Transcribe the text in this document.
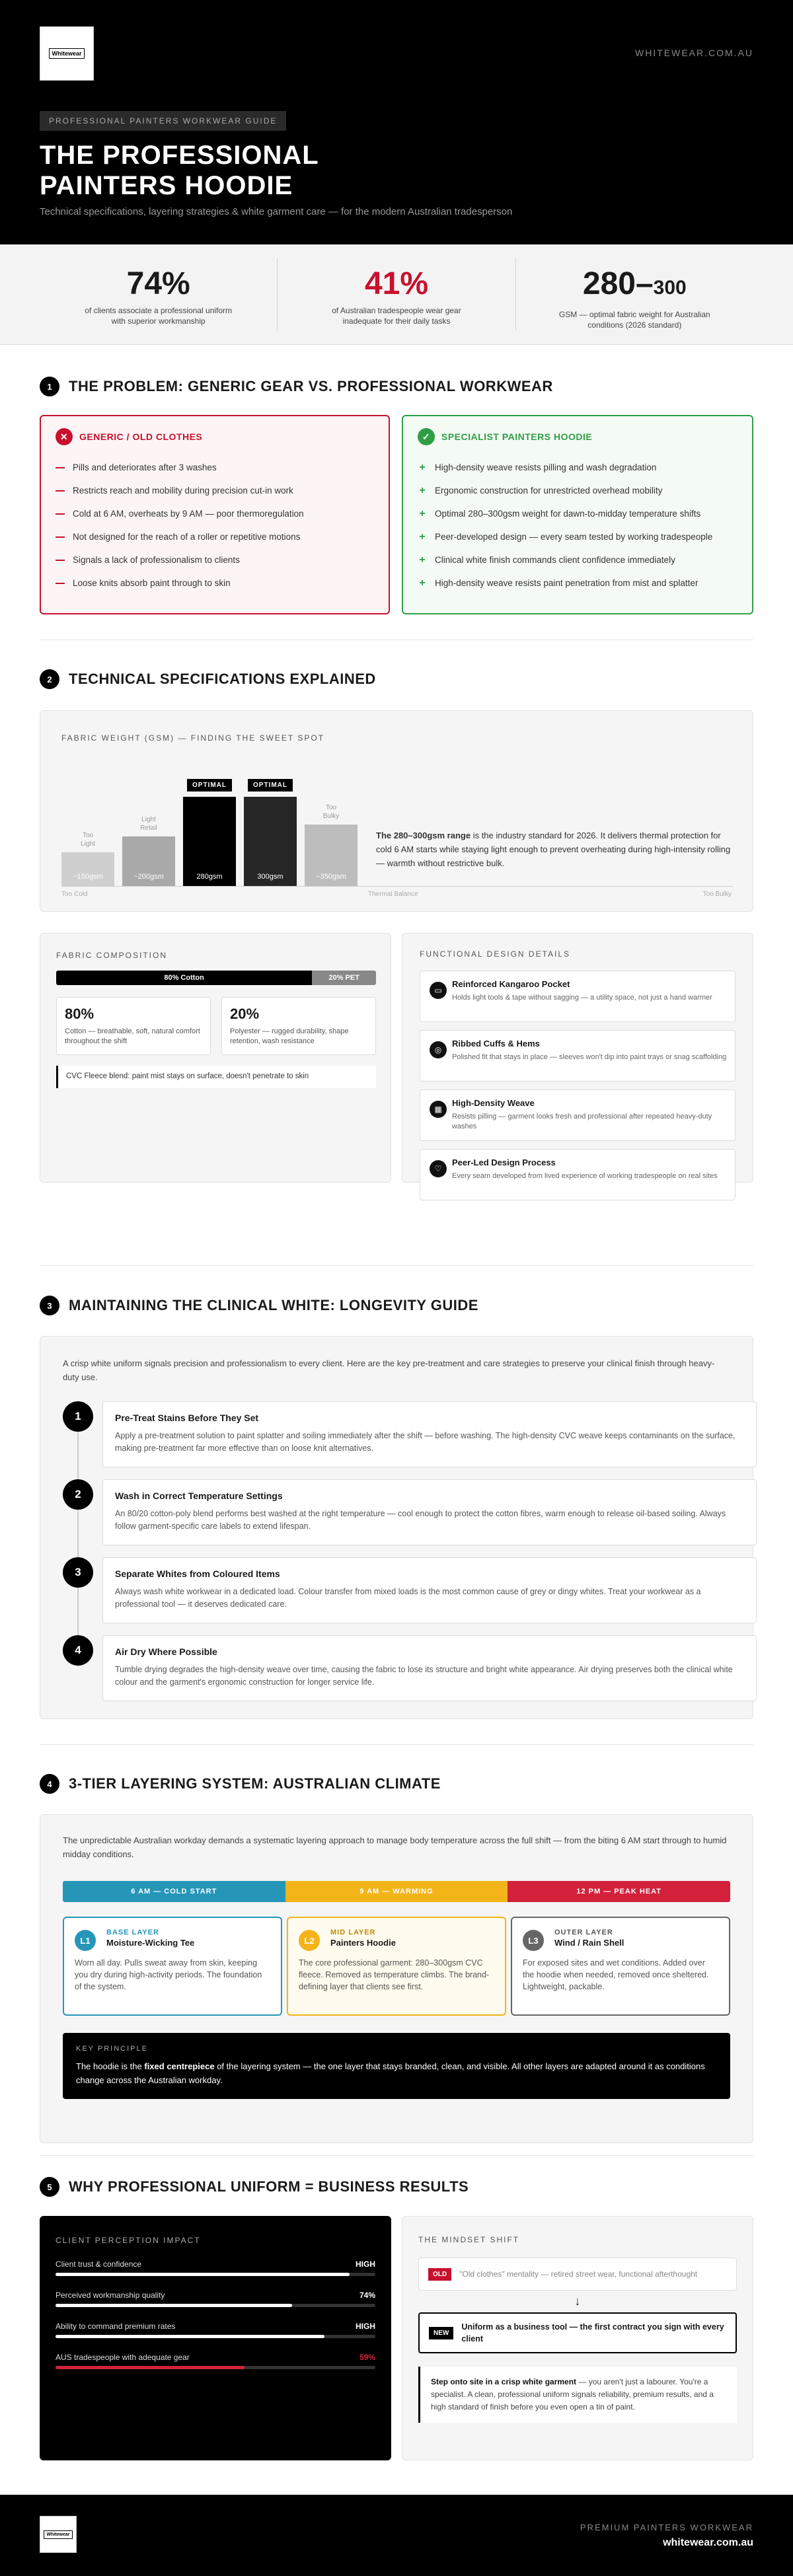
Whitewear	WHITEWEAR.COM.AU
PROFESSIONAL PAINTERS WORKWEAR GUIDE
THE PROFESSIONAL
PAINTERS HOODIE
Technical specifications, layering strategies & white garment care — for the modern Australian tradesperson
74%
of clients associate a professional uniform with superior workmanship
41%
of Australian tradespeople wear gear inadequate for their daily tasks
280–300
GSM — optimal fabric weight for Australian conditions (2026 standard)
1	THE PROBLEM: GENERIC GEAR VS. PROFESSIONAL WORKWEAR
✕	GENERIC / OLD CLOTHES
Pills and deteriorates after 3 washes
Restricts reach and mobility during precision cut-in work
Cold at 6 AM, overheats by 9 AM — poor thermoregulation
Not designed for the reach of a roller or repetitive motions
Signals a lack of professionalism to clients
Loose knits absorb paint through to skin
✓	SPECIALIST PAINTERS HOODIE
+ High-density weave resists pilling and wash degradation
+ Ergonomic construction for unrestricted overhead mobility
+ Optimal 280–300gsm weight for dawn-to-midday temperature shifts
+ Peer-developed design — every seam tested by working tradespeople
+ Clinical white finish commands client confidence immediately
+ High-density weave resists paint penetration from mist and splatter
2	TECHNICAL SPECIFICATIONS EXPLAINED
FABRIC WEIGHT (GSM) — FINDING THE SWEET SPOT
Too Light
~150gsm
Light Retail
~200gsm
OPTIMAL
280gsm
OPTIMAL
300gsm
Too Bulky
~350gsm
The 280–300gsm range is the industry standard for 2026. It delivers thermal protection for cold 6 AM starts while staying light enough to prevent overheating during high-intensity rolling — warmth without restrictive bulk.
Too Cold	Thermal Balance	Too Bulky
FABRIC COMPOSITION
80% Cotton	20% PET
80%
Cotton — breathable, soft, natural comfort throughout the shift
20%
Polyester — rugged durability, shape retention, wash resistance
CVC Fleece blend: paint mist stays on surface, doesn't penetrate to skin
FUNCTIONAL DESIGN DETAILS
▭
Reinforced Kangaroo Pocket
Holds light tools & tape without sagging — a utility space, not just a hand warmer
◎
Ribbed Cuffs & Hems
Polished fit that stays in place — sleeves won't dip into paint trays or snag scaffolding
▦
High-Density Weave
Resists pilling — garment looks fresh and professional after repeated heavy-duty washes
♡
Peer-Led Design Process
Every seam developed from lived experience of working tradespeople on real sites
3	MAINTAINING THE CLINICAL WHITE: LONGEVITY GUIDE
A crisp white uniform signals precision and professionalism to every client. Here are the key pre-treatment and care strategies to preserve your clinical finish through heavy-duty use.
1	Pre-Treat Stains Before They Set
Apply a pre-treatment solution to paint splatter and soiling immediately after the shift — before washing. The high-density CVC weave keeps contaminants on the surface, making pre-treatment far more effective than on loose knit alternatives.
2	Wash in Correct Temperature Settings
An 80/20 cotton-poly blend performs best washed at the right temperature — cool enough to protect the cotton fibres, warm enough to release oil-based soiling. Always follow garment-specific care labels to extend lifespan.
3	Separate Whites from Coloured Items
Always wash white workwear in a dedicated load. Colour transfer from mixed loads is the most common cause of grey or dingy whites. Treat your workwear as a professional tool — it deserves dedicated care.
4	Air Dry Where Possible
Tumble drying degrades the high-density weave over time, causing the fabric to lose its structure and bright white appearance. Air drying preserves both the clinical white colour and the garment's ergonomic construction for longer service life.
4	3-TIER LAYERING SYSTEM: AUSTRALIAN CLIMATE
The unpredictable Australian workday demands a systematic layering approach to manage body temperature across the full shift — from the biting 6 AM start through to humid midday conditions.
6 AM — COLD START	9 AM — WARMING	12 PM — PEAK HEAT
L1
BASE LAYER
Moisture-Wicking Tee
Worn all day. Pulls sweat away from skin, keeping you dry during high-activity periods. The foundation of the system.
L2
MID LAYER
Painters Hoodie
The core professional garment: 280–300gsm CVC fleece. Removed as temperature climbs. The brand-defining layer that clients see first.
L3
OUTER LAYER
Wind / Rain Shell
For exposed sites and wet conditions. Added over the hoodie when needed, removed once sheltered. Lightweight, packable.
KEY PRINCIPLE
The hoodie is the fixed centrepiece of the layering system — the one layer that stays branded, clean, and visible. All other layers are adapted around it as conditions change across the Australian workday.
5	WHY PROFESSIONAL UNIFORM = BUSINESS RESULTS
CLIENT PERCEPTION IMPACT
Client trust & confidence	HIGH
Perceived workmanship quality	74%
Ability to command premium rates	HIGH
AUS tradespeople with adequate gear	59%
THE MINDSET SHIFT
OLD	"Old clothes" mentality — retired street wear, functional afterthought
↓
NEW
Uniform as a business tool — the first contract you sign with every client
Step onto site in a crisp white garment — you aren't just a labourer. You're a specialist. A clean, professional uniform signals reliability, premium results, and a high standard of finish before you even open a tin of paint.
Whitewear
PREMIUM PAINTERS WORKWEAR
whitewear.com.au
